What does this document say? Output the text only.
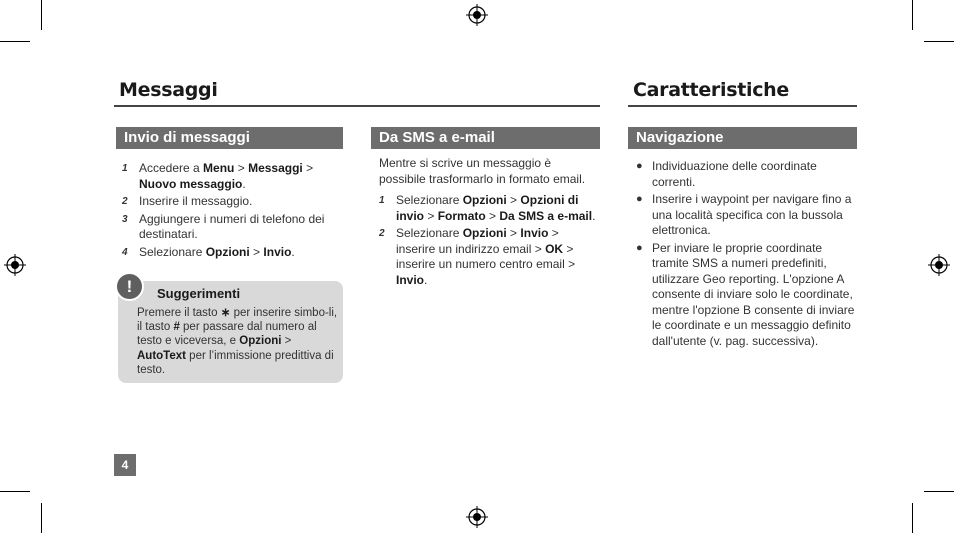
Messaggi
Invio di messaggi
1 Accedere a Menu > Messaggi > Nuovo messaggio.
2 Inserire il messaggio.
3 Aggiungere i numeri di telefono dei destinatari.
4 Selezionare Opzioni > Invio.
!	Suggerimenti
Premere il tasto ∗ per inserire simbo-li, il tasto # per passare dal numero al testo e viceversa, e Opzioni > AutoText per l’immissione predittiva di testo.
Da SMS a e-mail

Mentre si scrive un messaggio è possibile trasformarlo in formato email.

1 Selezionare Opzioni > Opzioni di invio > Formato > Da SMS a e-mail.
2 Selezionare Opzioni > Invio > inserire un indirizzo email > OK > inserire un numero centro email > Invio.
4
Caratteristiche
Navigazione
● Individuazione delle coordinate correnti.
● Inserire i waypoint per navigare fino a una località specifica con la bussola elettronica.
● Per inviare le proprie coordinate tramite SMS a numeri predefiniti, utilizzare Geo reporting. L'opzione A consente di inviare solo le coordinate, mentre l'opzione B consente di inviare le coordinate e un messaggio definito dall'utente (v. pag. successiva).
